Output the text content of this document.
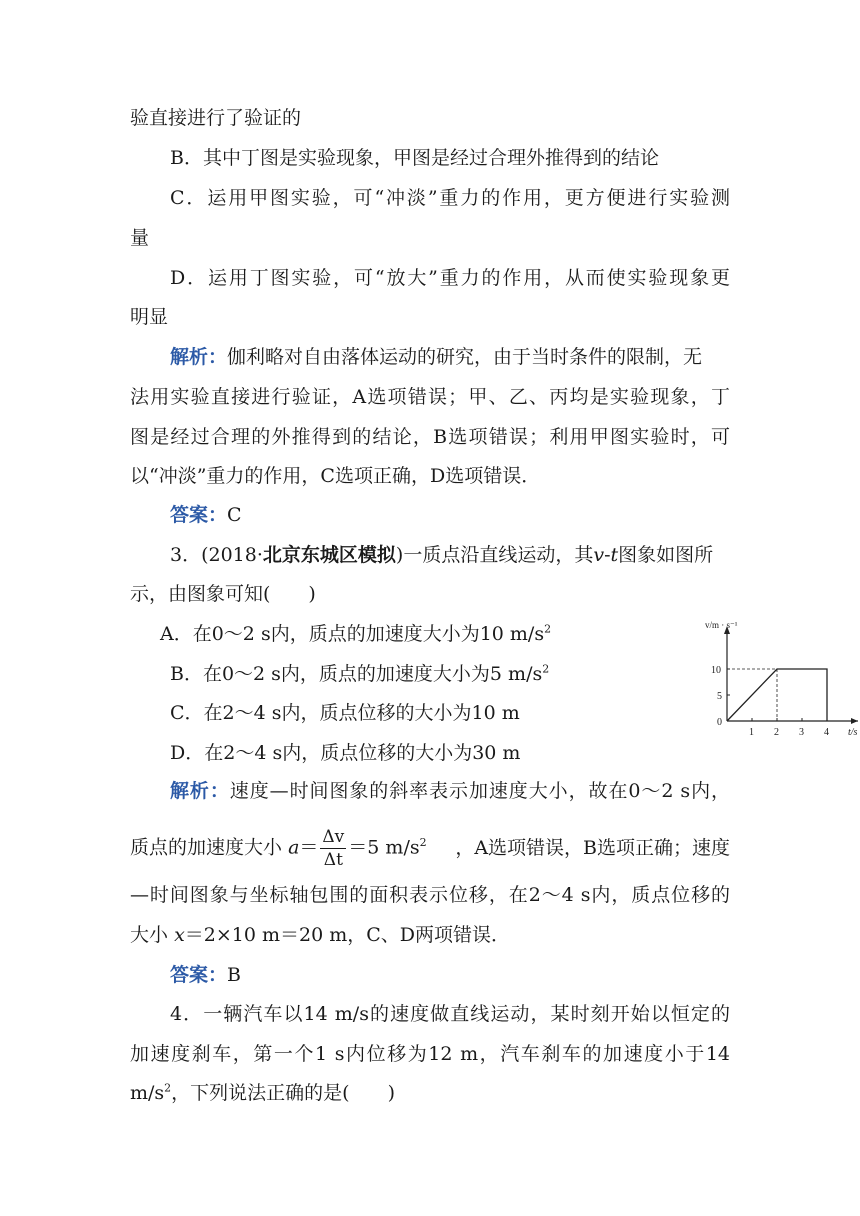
验直接进行了验证的
B．其中丁图是实验现象，甲图是经过合理外推得到的结论
C．运用甲图实验，可“冲淡”重力的作用，更方便进行实验测
量
D．运用丁图实验，可“放大”重力的作用，从而使实验现象更
明显
解析：伽利略对自由落体运动的研究，由于当时条件的限制，无
法用实验直接进行验证，A选项错误；甲、乙、丙均是实验现象，丁
图是经过合理的外推得到的结论，B选项错误；利用甲图实验时，可
以“冲淡”重力的作用，C选项正确，D选项错误．
答案：C
3．(2018·北京东城区模拟)一质点沿直线运动，其v-t图象如图所
示，由图象可知(　　)
A．在0～2 s内，质点的加速度大小为10 $m/s^2$
B．在0～2 s内，质点的加速度大小为5 $m/s^2$
C．在2～4 s内，质点位移的大小为10 m
D．在2～4 s内，质点位移的大小为30 m
解析：速度—时间图象的斜率表示加速度大小，故在0～2 s内，
质点的加速度大小 $a= \frac{\Delta v}{\Delta t} =5$ $m/s^2$ ，A选项错误，B选项正确；速度
—时间图象与坐标轴包围的面积表示位移，在2～4 s内，质点位移的
大小 x＝2×10 m＝20 m，C、D两项错误．
答案：B
4．一辆汽车以14 m/s的速度做直线运动，某时刻开始以恒定的
加速度刹车，第一个1 s内位移为12 m，汽车刹车的加速度小于14
$m/s^2$，下列说法正确的是(　　)
v/m · s⁻¹
t/s
1 2 3 4
0
5
10
